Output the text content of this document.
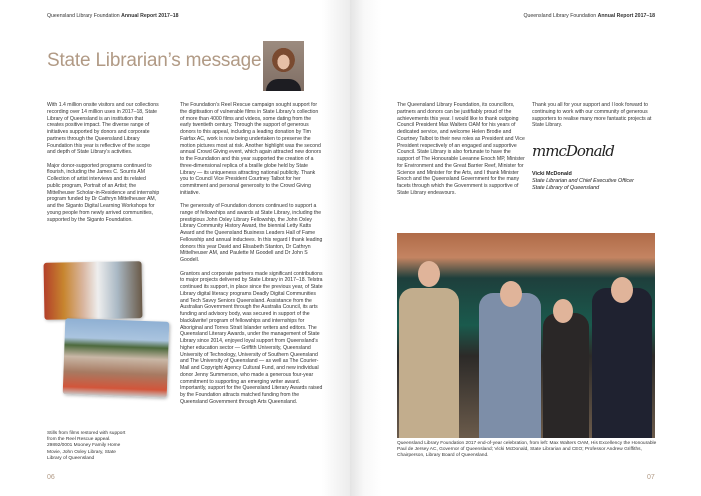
Queensland Library Foundation Annual Report 2017–18
State Librarian’s message

With 1.4 million onsite visitors and our collections recording over 14 million uses in 2017–18, State Library of Queensland is an institution that creates positive impact. The diverse range of initiatives supported by donors and corporate partners through the Queensland Library Foundation this year is reflective of the scope and depth of State Library’s activities.

Major donor-supported programs continued to flourish, including the James C. Sourris AM Collection of artist interviews and its related public program, Portrait of an Artist; the Mittelheuser Scholar-in-Residence and internship program funded by Dr Cathryn Mittelheuser AM, and the Siganto Digital Learning Workshops for young people from newly arrived communities, supported by the Siganto Foundation.

The Foundation’s Reel Rescue campaign sought support for the digitisation of vulnerable films in State Library’s collection of more than 4000 films and videos, some dating from the early twentieth century. Through the support of generous donors to this appeal, including a leading donation by Tim Fairfax AC, work is now being undertaken to preserve the motion pictures most at risk. Another highlight was the second annual Crowd Giving event, which again attracted new donors to the Foundation and this year supported the creation of a three-dimensional replica of a braille globe held by State Library — its uniqueness attracting national publicity. Thank you to Council Vice President Courtney Talbot for her commitment and personal generosity to the Crowd Giving initiative.

The generosity of Foundation donors continued to support a range of fellowships and awards at State Library, including the prestigious John Oxley Library Fellowship, the John Oxley Library Community History Award, the biennial Letty Katts Award and the Queensland Business Leaders Hall of Fame Fellowship and annual inductees. In this regard I thank leading donors this year David and Elisabeth Stanton, Dr Cathryn Mittelheuser AM, and Paulette M Goodell and Dr John S Goodell.

Grantors and corporate partners made significant contributions to major projects delivered by State Library in 2017–18. Telstra continued its support, in place since the previous year, of State Library digital literacy programs Deadly Digital Communities and Tech Savvy Seniors Queensland. Assistance from the Australian Government through the Australia Council, its arts funding and advisory body, was secured in support of the black&write! program of fellowships and internships for Aboriginal and Torres Strait Islander writers and editors. The Queensland Literary Awards, under the management of State Library since 2014, enjoyed loyal support from Queensland’s higher education sector — Griffith University, Queensland University of Technology, University of Southern Queensland and The University of Queensland — as well as The Courier-Mail and Copyright Agency Cultural Fund, and new individual donor Jenny Summerson, who made a generous four-year commitment to supporting an emerging writer award. Importantly, support for the Queensland Literary Awards raised by the Foundation attracts matched funding from the Queensland Government through Arts Queensland.

Stills from films restored with support from the Reel Rescue appeal. 29892/0001 Mooney Family Home Movie, John Oxley Library, State Library of Queensland
06
Queensland Library Foundation Annual Report 2017–18

The Queensland Library Foundation, its councillors, partners and donors can be justifiably proud of the achievements this year. I would like to thank outgoing Council President Max Walters OAM for his years of dedicated service, and welcome Helen Brodie and Courtney Talbot to their new roles as President and Vice President respectively of an engaged and supportive Council. State Library is also fortunate to have the support of The Honourable Leeanne Enoch MP, Minister for Environment and the Great Barrier Reef, Minister for Science and Minister for the Arts, and I thank Minister Enoch and the Queensland Government for the many facets through which the Government is supportive of State Library endeavours.

Thank you all for your support and I look forward to continuing to work with our community of generous supporters to realise many more fantastic projects at State Library.

mmcDonald
Vicki McDonald
State Librarian and Chief Executive Officer
State Library of Queensland
Queensland Library Foundation 2017 end-of-year celebration, from left: Max Walters OAM, His Excellency the Honourable Paul de Jersey AC, Governor of Queensland; Vicki McDonald, State Librarian and CEO; Professor Andrew Griffiths, Chairperson, Library Board of Queensland.
07
